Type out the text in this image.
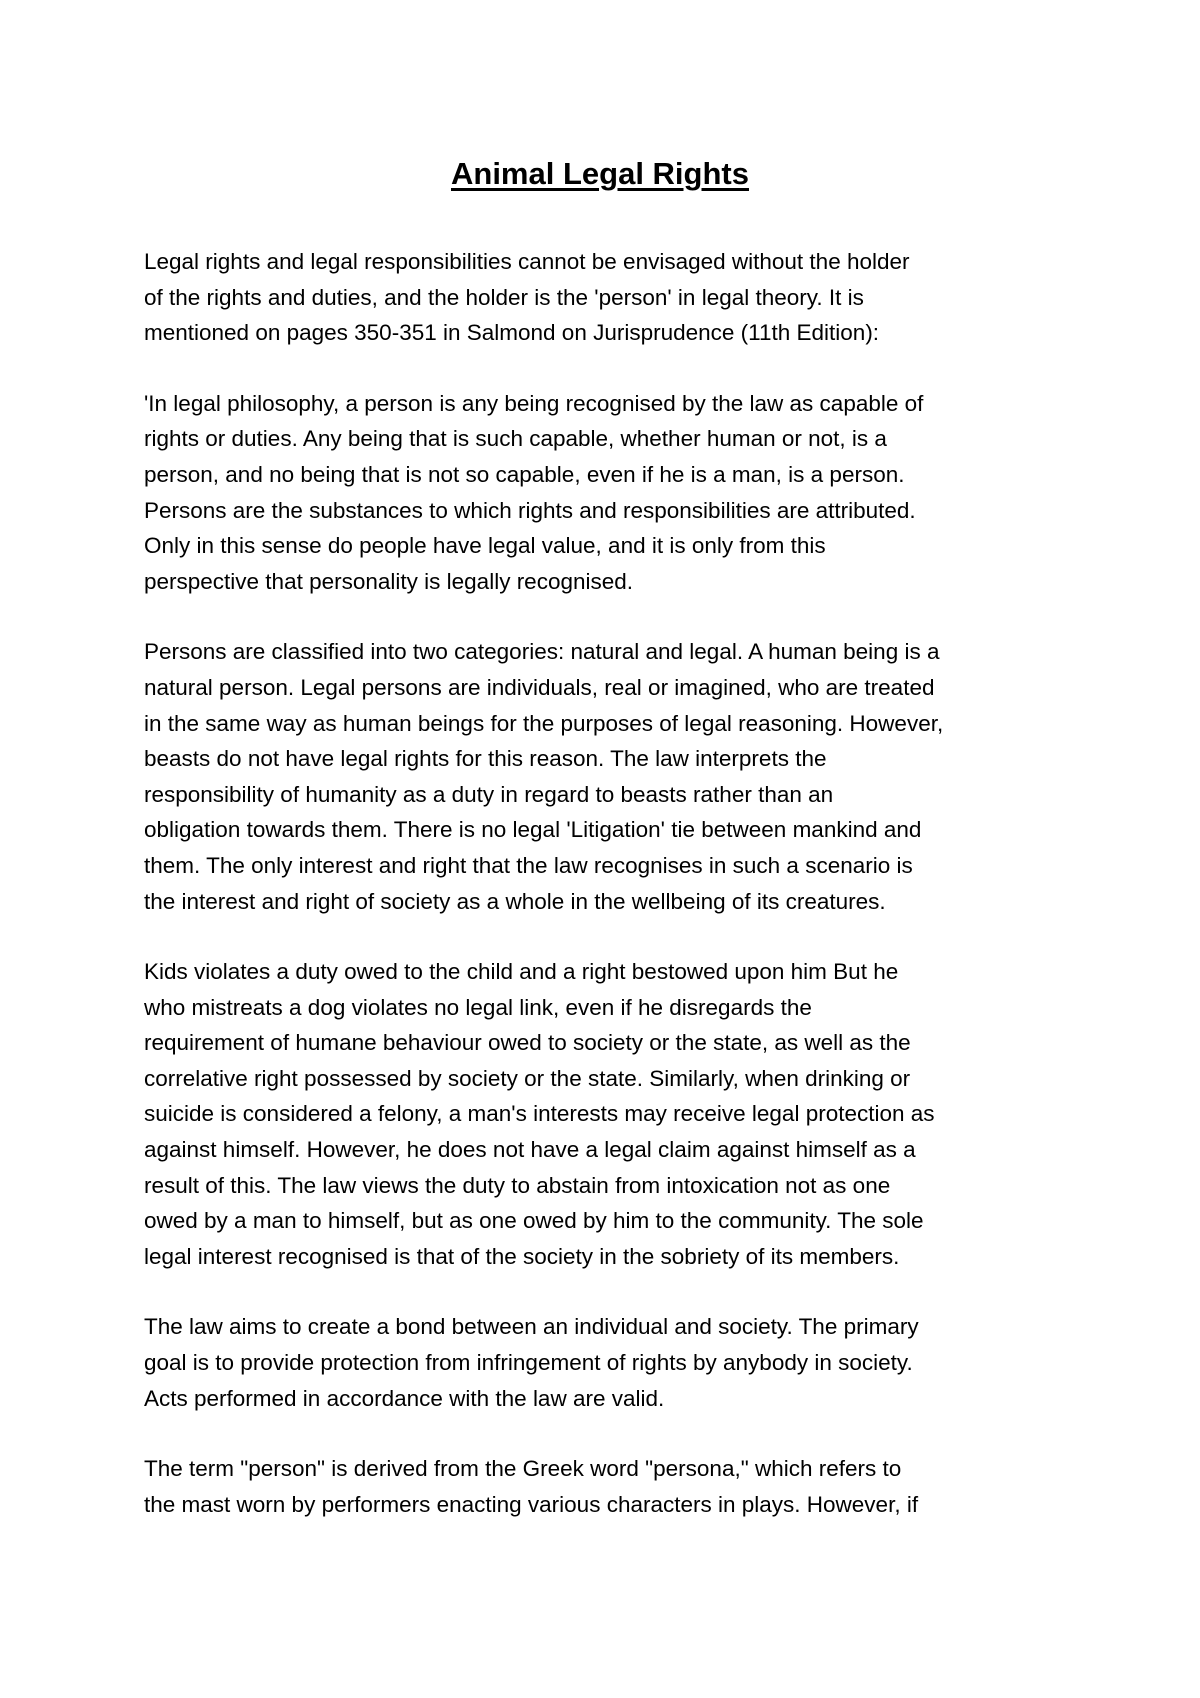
Animal Legal Rights

Legal rights and legal responsibilities cannot be envisaged without the holder
of the rights and duties, and the holder is the 'person' in legal theory. It is
mentioned on pages 350-351 in Salmond on Jurisprudence (11th Edition):

'In legal philosophy, a person is any being recognised by the law as capable of
rights or duties. Any being that is such capable, whether human or not, is a
person, and no being that is not so capable, even if he is a man, is a person.
Persons are the substances to which rights and responsibilities are attributed.
Only in this sense do people have legal value, and it is only from this
perspective that personality is legally recognised.

Persons are classified into two categories: natural and legal. A human being is a
natural person. Legal persons are individuals, real or imagined, who are treated
in the same way as human beings for the purposes of legal reasoning. However,
beasts do not have legal rights for this reason. The law interprets the
responsibility of humanity as a duty in regard to beasts rather than an
obligation towards them. There is no legal 'Litigation' tie between mankind and
them. The only interest and right that the law recognises in such a scenario is
the interest and right of society as a whole in the wellbeing of its creatures.

Kids violates a duty owed to the child and a right bestowed upon him But he
who mistreats a dog violates no legal link, even if he disregards the
requirement of humane behaviour owed to society or the state, as well as the
correlative right possessed by society or the state. Similarly, when drinking or
suicide is considered a felony, a man's interests may receive legal protection as
against himself. However, he does not have a legal claim against himself as a
result of this. The law views the duty to abstain from intoxication not as one
owed by a man to himself, but as one owed by him to the community. The sole
legal interest recognised is that of the society in the sobriety of its members.

The law aims to create a bond between an individual and society. The primary
goal is to provide protection from infringement of rights by anybody in society.
Acts performed in accordance with the law are valid.

The term "person" is derived from the Greek word "persona," which refers to
the mast worn by performers enacting various characters in plays. However, if
